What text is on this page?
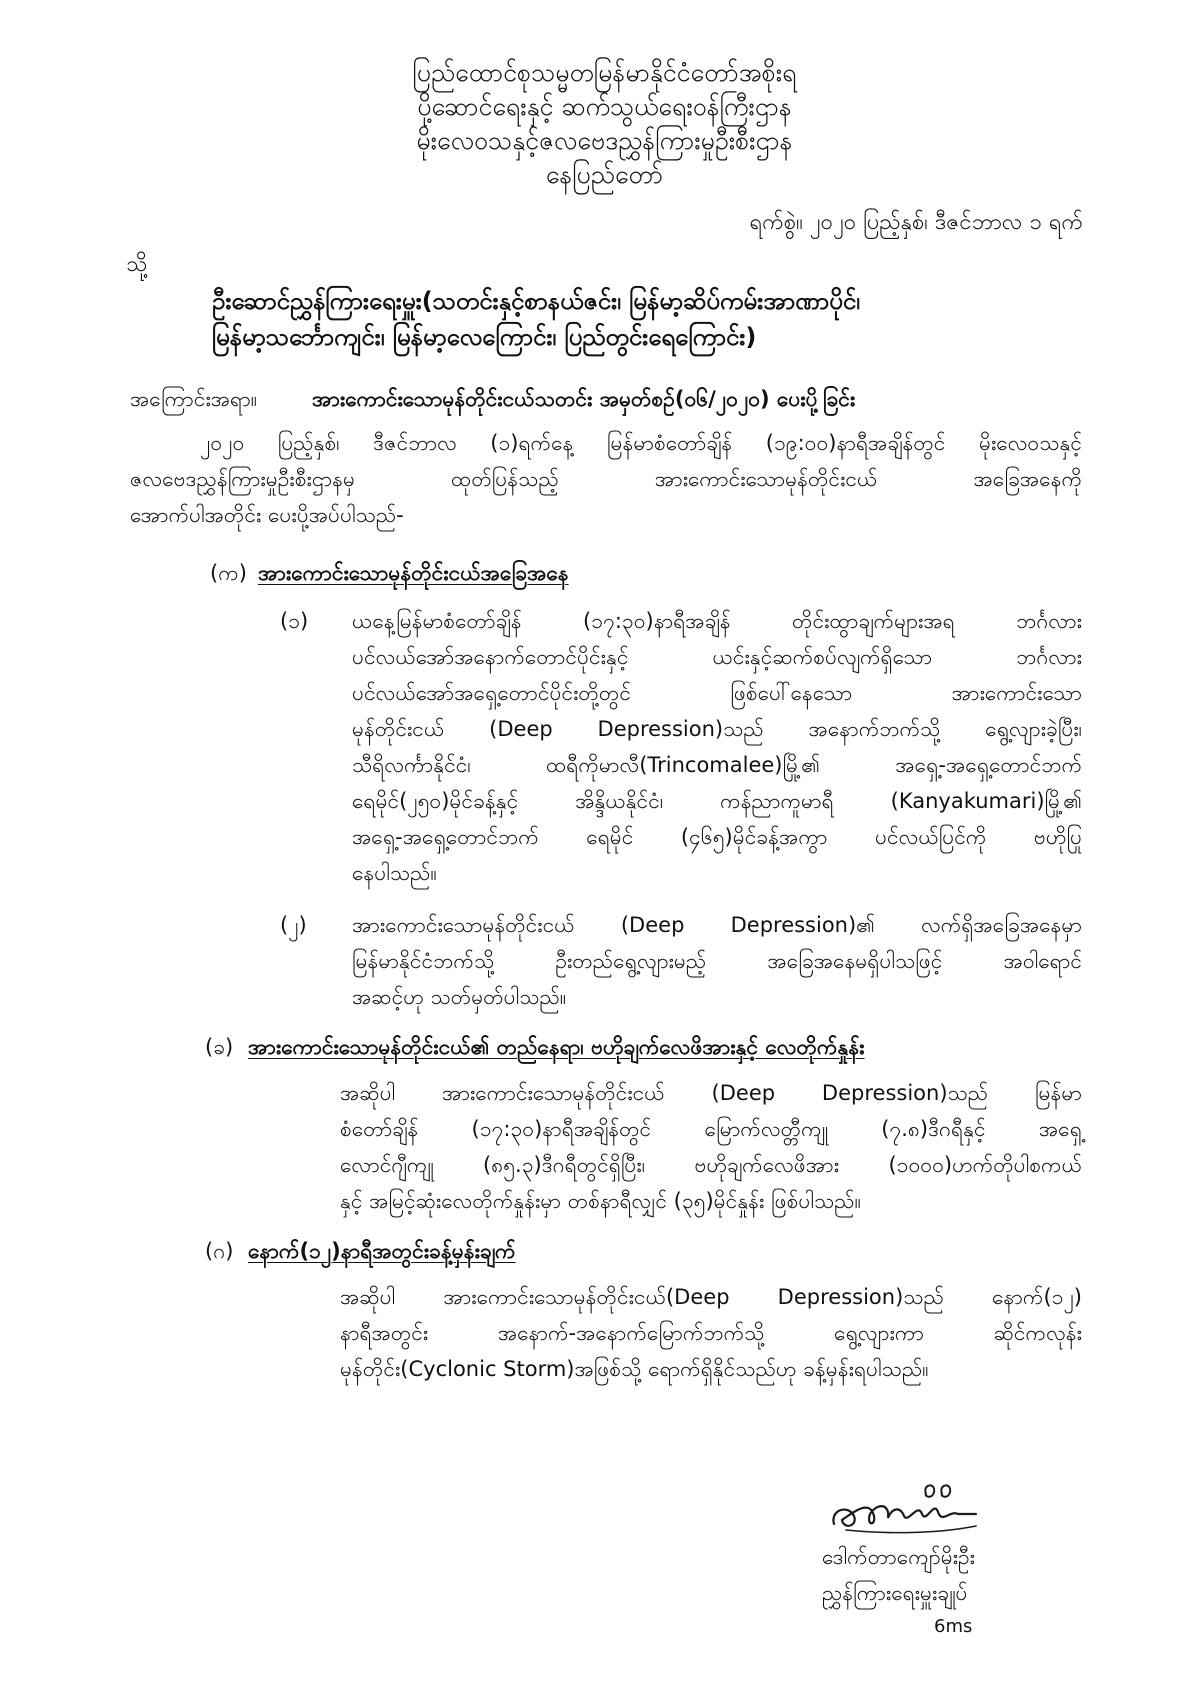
ပြည်ထောင်စုသမ္မတမြန်မာနိုင်ငံတော်အစိုးရ
ပို့ဆောင်ရေးနှင့် ဆက်သွယ်ရေးဝန်ကြီးဌာန
မိုးလေဝသနှင့်ဇလဗေဒညွှန်ကြားမှုဦးစီးဌာန
နေပြည်တော်
ရက်စွဲ။ ၂၀၂၀ ပြည့်နှစ်၊ ဒီဇင်ဘာလ ၁ ရက်
သို့
ဦးဆောင်ညွှန်ကြားရေးမှူး(သတင်းနှင့်စာနယ်ဇင်း၊ မြန်မာ့ဆိပ်ကမ်းအာဏာပိုင်၊
မြန်မာ့သင်္ဘောကျင်း၊ မြန်မာ့လေကြောင်း၊ ပြည်တွင်းရေကြောင်း)
အကြောင်းအရာ။	အားကောင်းသောမုန်တိုင်းငယ်သတင်း အမှတ်စဉ်(၀၆/၂၀၂၀) ပေးပို့ခြင်း
၂၀၂၀ ပြည့်နှစ်၊ ဒီဇင်ဘာလ (၁)ရက်နေ့ မြန်မာစံတော်ချိန် (၁၉:၀၀)နာရီအချိန်တွင် မိုးလေဝသနှင့်
ဇလဗေဒညွှန်ကြားမှုဦးစီးဌာနမှ ထုတ်ပြန်သည့် အားကောင်းသောမုန်တိုင်းငယ် အခြေအနေကို
အောက်ပါအတိုင်း ပေးပို့အပ်ပါသည်-
(က) အားကောင်းသောမုန်တိုင်းငယ်အခြေအနေ
(၁) ယနေ့မြန်မာစံတော်ချိန် (၁၇:၃၀)နာရီအချိန် တိုင်းထွာချက်များအရ ဘင်္ဂလား
ပင်လယ်အော်အနောက်တောင်ပိုင်းနှင့် ယင်းနှင့်ဆက်စပ်လျက်ရှိသော ဘင်္ဂလား
ပင်လယ်အော်အရှေ့တောင်ပိုင်းတို့တွင် ဖြစ်ပေါ်နေသော အားကောင်းသော
မုန်တိုင်းငယ် (Deep Depression)သည် အနောက်ဘက်သို့ ရွေ့လျားခဲ့ပြီး၊
သီရိလင်္ကာနိုင်ငံ၊ ထရီကိုမာလီ(Trincomalee)မြို့၏ အရှေ့-အရှေ့တောင်ဘက်
ရေမိုင်(၂၅၀)မိုင်ခန့်နှင့် အိန္ဒိယနိုင်ငံ၊ ကန်ညာကူမာရီ (Kanyakumari)မြို့၏
အရှေ့-အရှေ့တောင်ဘက် ရေမိုင် (၄၆၅)မိုင်ခန့်အကွာ ပင်လယ်ပြင်ကို ဗဟိုပြု
နေပါသည်။
(၂) အားကောင်းသောမုန်တိုင်းငယ် (Deep Depression)၏ လက်ရှိအခြေအနေမှာ
မြန်မာနိုင်ငံဘက်သို့ ဦးတည်ရွေ့လျားမည့် အခြေအနေမရှိပါသဖြင့် အဝါရောင်
အဆင့်ဟု သတ်မှတ်ပါသည်။
(ခ) အားကောင်းသောမုန်တိုင်းငယ်၏ တည်နေရာ၊ ဗဟိုချက်လေဖိအားနှင့် လေတိုက်နှုန်း
အဆိုပါ အားကောင်းသောမုန်တိုင်းငယ် (Deep Depression)သည် မြန်မာ
စံတော်ချိန် (၁၇:၃၀)နာရီအချိန်တွင် မြောက်လတ္တီကျု (၇.၈)ဒီဂရီနှင့် အရှေ့
လောင်ဂျီကျု (၈၅.၃)ဒီဂရီတွင်ရှိပြီး၊ ဗဟိုချက်လေဖိအား (၁၀၀၀)ဟက်တိုပါစကယ်
နှင့် အမြင့်ဆုံးလေတိုက်နှုန်းမှာ တစ်နာရီလျှင် (၃၅)မိုင်နှုန်း ဖြစ်ပါသည်။
(ဂ) နောက်(၁၂)နာရီအတွင်းခန့်မှန်းချက်
အဆိုပါ အားကောင်းသောမုန်တိုင်းငယ်(Deep Depression)သည် နောက်(၁၂)
နာရီအတွင်း အနောက်-အနောက်မြောက်ဘက်သို့ ရွေ့လျားကာ ဆိုင်ကလုန်း
မုန်တိုင်း(Cyclonic Storm)အဖြစ်သို့ ရောက်ရှိနိုင်သည်ဟု ခန့်မှန်းရပါသည်။
ဒေါက်တာကျော်မိုးဦး
ညွှန်ကြားရေးမှူးချုပ်
6ms
